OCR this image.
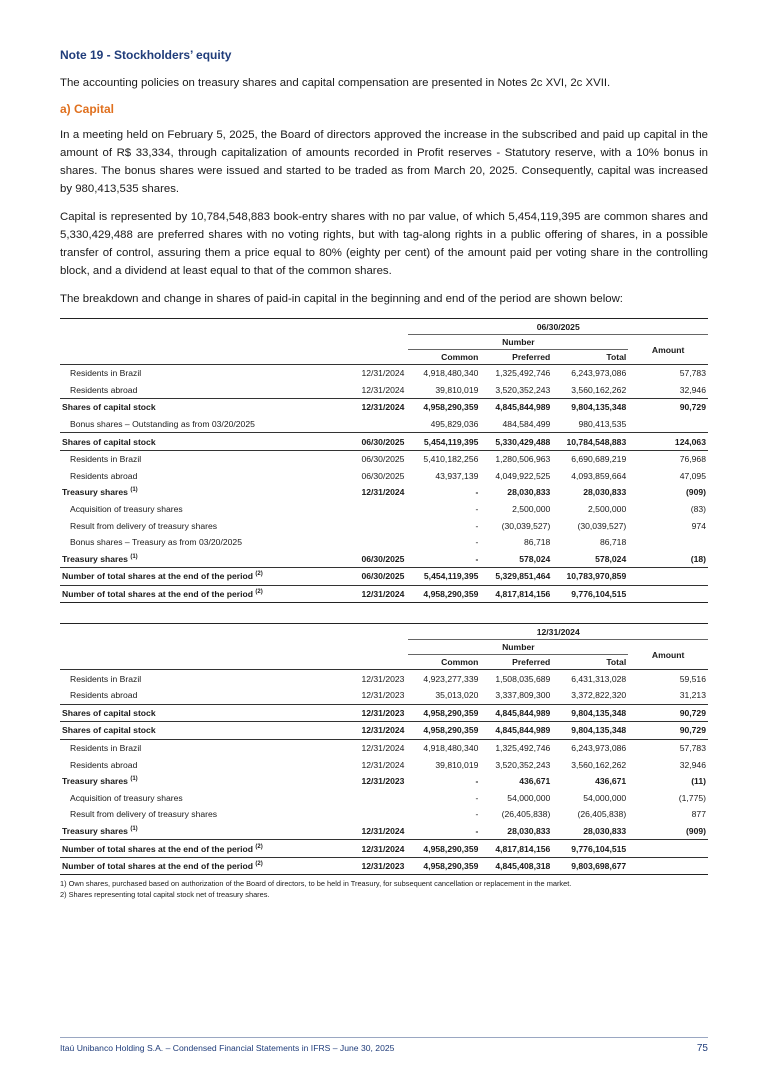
Note 19 - Stockholders’ equity

The accounting policies on treasury shares and capital compensation are presented in Notes 2c XVI, 2c XVII.

a) Capital

In a meeting held on February 5, 2025, the Board of directors approved the increase in the subscribed and paid up capital in the amount of R$ 33,334, through capitalization of amounts recorded in Profit reserves - Statutory reserve, with a 10% bonus in shares. The bonus shares were issued and started to be traded as from March 20, 2025. Consequently, capital was increased by 980,413,535 shares.

Capital is represented by 10,784,548,883 book-entry shares with no par value, of which 5,454,119,395 are common shares and 5,330,429,488 are preferred shares with no voting rights, but with tag-along rights in a public offering of shares, in a possible transfer of control, assuring them a price equal to 80% (eighty per cent) of the amount paid per voting share in the controlling block, and a dividend at least equal to that of the common shares.

The breakdown and change in shares of paid-in capital in the beginning and end of the period are shown below:

		06/30/2025			
		Number			Amount
		Common	Preferred	Total	
Residents in Brazil	12/31/2024	4,918,480,340	1,325,492,746	6,243,973,086	57,783
Residents abroad	12/31/2024	39,810,019	3,520,352,243	3,560,162,262	32,946
Shares of capital stock	12/31/2024	4,958,290,359	4,845,844,989	9,804,135,348	90,729
Bonus shares – Outstanding as from 03/20/2025		495,829,036	484,584,499	980,413,535	
Shares of capital stock	06/30/2025	5,454,119,395	5,330,429,488	10,784,548,883	124,063
Residents in Brazil	06/30/2025	5,410,182,256	1,280,506,963	6,690,689,219	76,968
Residents abroad	06/30/2025	43,937,139	4,049,922,525	4,093,859,664	47,095
Treasury shares $^{(1)}$	12/31/2024	-	28,030,833	28,030,833	(909)
Acquisition of treasury shares		-	2,500,000	2,500,000	(83)
Result from delivery of treasury shares		-	(30,039,527)	(30,039,527)	974
Bonus shares – Treasury as from 03/20/2025		-	86,718	86,718	
Treasury shares $^{(1)}$	06/30/2025	-	578,024	578,024	(18)
Number of total shares at the end of the period $^{(2)}$	06/30/2025	5,454,119,395	5,329,851,464	10,783,970,859	
Number of total shares at the end of the period $^{(2)}$	12/31/2024	4,958,290,359	4,817,814,156	9,776,104,515	
		12/31/2024			
		Number			Amount
		Common	Preferred	Total	
Residents in Brazil	12/31/2023	4,923,277,339	1,508,035,689	6,431,313,028	59,516
Residents abroad	12/31/2023	35,013,020	3,337,809,300	3,372,822,320	31,213
Shares of capital stock	12/31/2023	4,958,290,359	4,845,844,989	9,804,135,348	90,729
Shares of capital stock	12/31/2024	4,958,290,359	4,845,844,989	9,804,135,348	90,729
Residents in Brazil	12/31/2024	4,918,480,340	1,325,492,746	6,243,973,086	57,783
Residents abroad	12/31/2024	39,810,019	3,520,352,243	3,560,162,262	32,946
Treasury shares $^{(1)}$	12/31/2023	-	436,671	436,671	(11)
Acquisition of treasury shares		-	54,000,000	54,000,000	(1,775)
Result from delivery of treasury shares		-	(26,405,838)	(26,405,838)	877
Treasury shares $^{(1)}$	12/31/2024	-	28,030,833	28,030,833	(909)
Number of total shares at the end of the period $^{(2)}$	12/31/2024	4,958,290,359	4,817,814,156	9,776,104,515	
Number of total shares at the end of the period $^{(2)}$	12/31/2023	4,958,290,359	4,845,408,318	9,803,698,677	
1) Own shares, purchased based on authorization of the Board of directors, to be held in Treasury, for subsequent cancellation or replacement in the market.
2) Shares representing total capital stock net of treasury shares.
Itaú Unibanco Holding S.A. – Condensed Financial Statements in IFRS – June 30, 2025	75
